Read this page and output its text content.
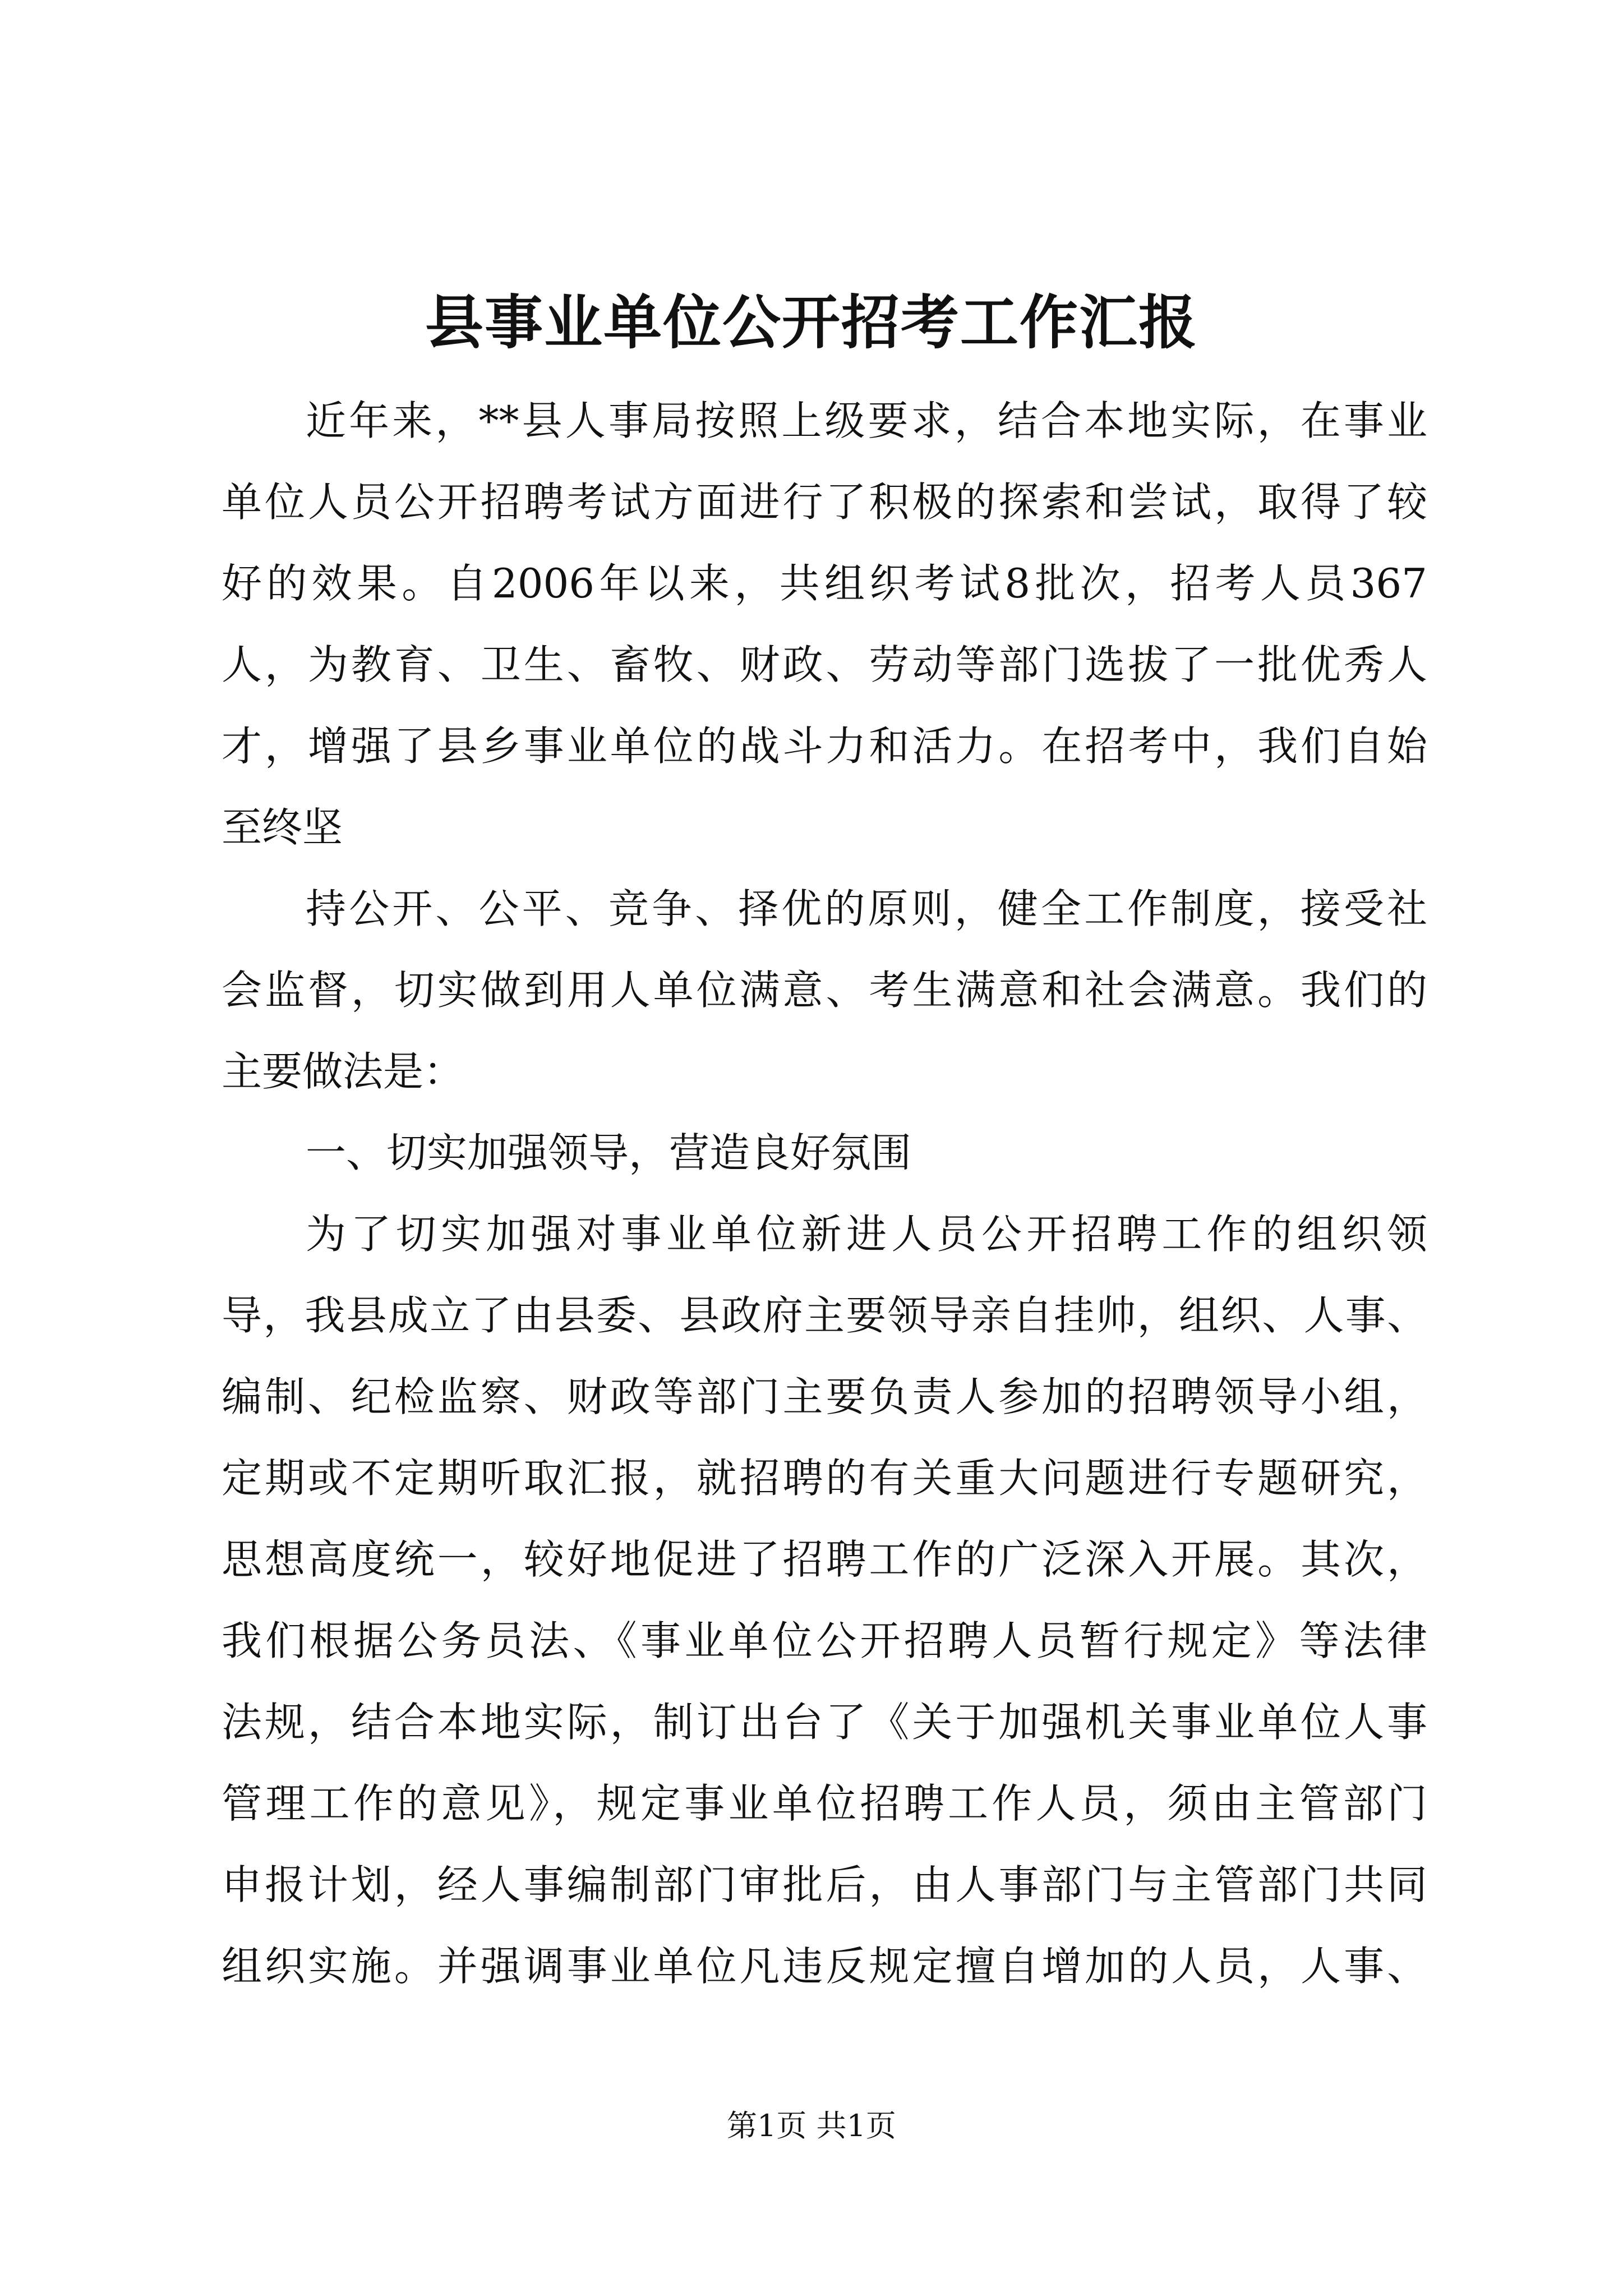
县事业单位公开招考工作汇报

近年来，**县人事局按照上级要求，结合本地实际，在事业

单位人员公开招聘考试方面进行了积极的探索和尝试，取得了较

好的效果。自2006年以来，共组织考试8批次，招考人员367

人，为教育、卫生、畜牧、财政、劳动等部门选拔了一批优秀人

才，增强了县乡事业单位的战斗力和活力。在招考中，我们自始

至终坚

持公开、公平、竞争、择优的原则，健全工作制度，接受社

会监督，切实做到用人单位满意、考生满意和社会满意。我们的

主要做法是：

一、切实加强领导，营造良好氛围

为了切实加强对事业单位新进人员公开招聘工作的组织领

导，我县成立了由县委、县政府主要领导亲自挂帅，组织、人事、

编制、纪检监察、财政等部门主要负责人参加的招聘领导小组，

定期或不定期听取汇报，就招聘的有关重大问题进行专题研究，

思想高度统一，较好地促进了招聘工作的广泛深入开展。其次，

我们根据公务员法、《事业单位公开招聘人员暂行规定》等法律

法规，结合本地实际，制订出台了《关于加强机关事业单位人事

管理工作的意见》，规定事业单位招聘工作人员，须由主管部门

申报计划，经人事编制部门审批后，由人事部门与主管部门共同

组织实施。并强调事业单位凡违反规定擅自增加的人员，人事、

第1页 共1页
